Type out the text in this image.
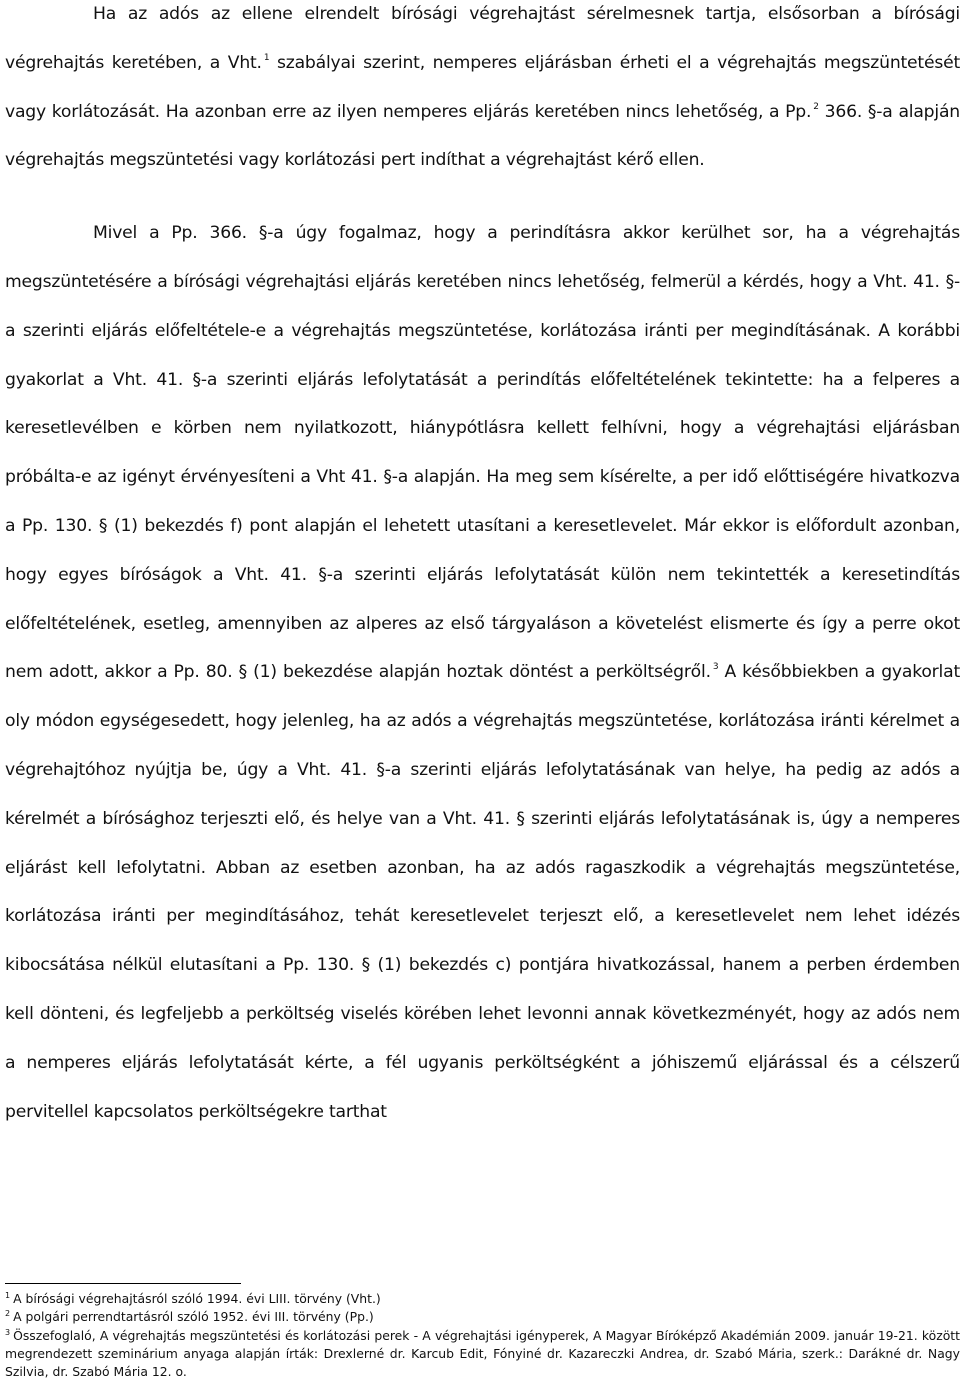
Ha az adós az ellene elrendelt bírósági végrehajtást sérelmesnek tartja, elsősorban a bírósági végrehajtás keretében, a Vht. $^1$ szabályai szerint, nemperes eljárásban érheti el a végrehajtás megszüntetését vagy korlátozását. Ha azonban erre az ilyen nemperes eljárás keretében nincs lehetőség, a Pp. $^2$ 366. §-a alapján végrehajtás megszüntetési vagy korlátozási pert indíthat a végrehajtást kérő ellen.

Mivel a Pp. 366. §-a úgy fogalmaz, hogy a perindításra akkor kerülhet sor, ha a végrehajtás megszüntetésére a bírósági végrehajtási eljárás keretében nincs lehetőség, felmerül a kérdés, hogy a Vht. 41. §-a szerinti eljárás előfeltétele-e a végrehajtás megszüntetése, korlátozása iránti per megindításának. A korábbi gyakorlat a Vht. 41. §-a szerinti eljárás lefolytatását a perindítás előfeltételének tekintette: ha a felperes a keresetlevélben e körben nem nyilatkozott, hiánypótlásra kellett felhívni, hogy a végrehajtási eljárásban próbálta-e az igényt érvényesíteni a Vht 41. §-a alapján. Ha meg sem kísérelte, a per idő előttiségére hivatkozva a Pp. 130. § (1) bekezdés f) pont alapján el lehetett utasítani a keresetlevelet. Már ekkor is előfordult azonban, hogy egyes bíróságok a Vht. 41. §-a szerinti eljárás lefolytatását külön nem tekintették a keresetindítás előfeltételének, esetleg, amennyiben az alperes az első tárgyaláson a követelést elismerte és így a perre okot nem adott, akkor a Pp. 80. § (1) bekezdése alapján hoztak döntést a perköltségről. $^3$ A későbbiekben a gyakorlat oly módon egységesedett, hogy jelenleg, ha az adós a végrehajtás megszüntetése, korlátozása iránti kérelmet a végrehajtóhoz nyújtja be, úgy a Vht. 41. §-a szerinti eljárás lefolytatásának van helye, ha pedig az adós a kérelmét a bírósághoz terjeszti elő, és helye van a Vht. 41. § szerinti eljárás lefolytatásának is, úgy a nemperes eljárást kell lefolytatni. Abban az esetben azonban, ha az adós ragaszkodik a végrehajtás megszüntetése, korlátozása iránti per megindításához, tehát keresetlevelet terjeszt elő, a keresetlevelet nem lehet idézés kibocsátása nélkül elutasítani a Pp. 130. § (1) bekezdés c) pontjára hivatkozással, hanem a perben érdemben kell dönteni, és legfeljebb a perköltség viselés körében lehet levonni annak következményét, hogy az adós nem a nemperes eljárás lefolytatását kérte, a fél ugyanis perköltségként a jóhiszemű eljárással és a célszerű pervitellel kapcsolatos perköltségekre tarthat

$^1$ A bírósági végrehajtásról szóló 1994. évi LIII. törvény (Vht.)

$^2$ A polgári perrendtartásról szóló 1952. évi III. törvény (Pp.)

$^3$ Összefoglaló, A végrehajtás megszüntetési és korlátozási perek - A végrehajtási igényperek, A Magyar Bíróképző Akadémián 2009. január 19-21. között megrendezett szeminárium anyaga alapján írták: Drexlerné dr. Karcub Edit, Fónyiné dr. Kazareczki Andrea, dr. Szabó Mária, szerk.: Darákné dr. Nagy Szilvia, dr. Szabó Mária 12. o.
